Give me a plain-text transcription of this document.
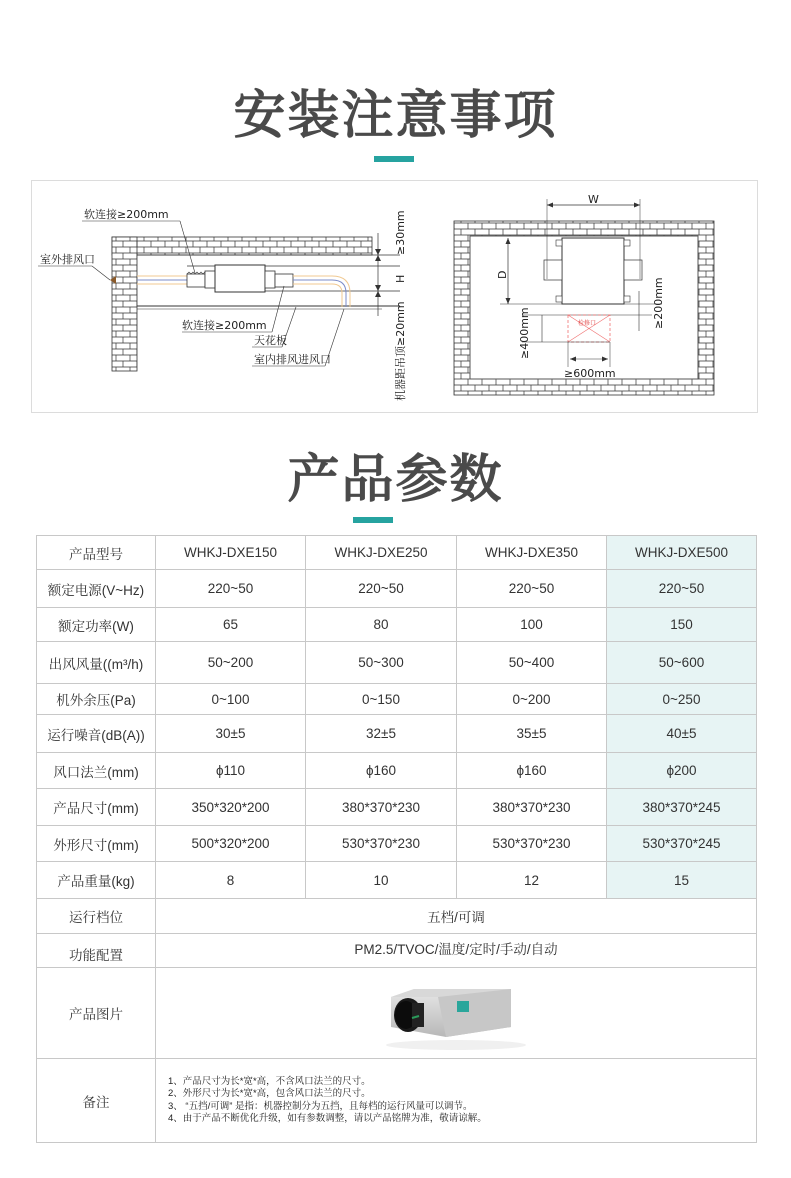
安装注意事项
软连接≥200mm
室外排风口
软连接≥200mm
天花板
室内排风进风口
≥30mm
H
机器距吊顶≥20mm	检修口
W
D
≥200mm
≥400mm
≥600mm
产品参数
产品型号	WHKJ-DXE150	WHKJ-DXE250	WHKJ-DXE350	WHKJ-DXE500
额定电源(V~Hz)	220~50	220~50	220~50	220~50
额定功率(W)	65	80	100	150
出风风量((m³/h)	50~200	50~300	50~400	50~600
机外余压(Pa)	0~100	0~150	0~200	0~250
运行噪音(dB(A))	30±5	32±5	35±5	40±5
风口法兰(mm)	ϕ110	ϕ160	ϕ160	ϕ200
产品尺寸(mm)	350*320*200	380*370*230	380*370*230	380*370*245
外形尺寸(mm)	500*320*200	530*370*230	530*370*230	530*370*245
产品重量(kg)	8	10	12	15
运行档位	五档/可调			
功能配置	PM2.5/TVOC/温度/定时/手动/自动			
产品图片	
备注	1、产品尺寸为长*宽*高，不含风口法兰的尺寸。
2、外形尺寸为长*宽*高，包含风口法兰的尺寸。
3、 “五挡/可调” 是指：机器控制分为五挡，且每档的运行风量可以调节。
4、由于产品不断优化升级，如有参数调整，请以产品铭牌为准，敬请谅解。			
